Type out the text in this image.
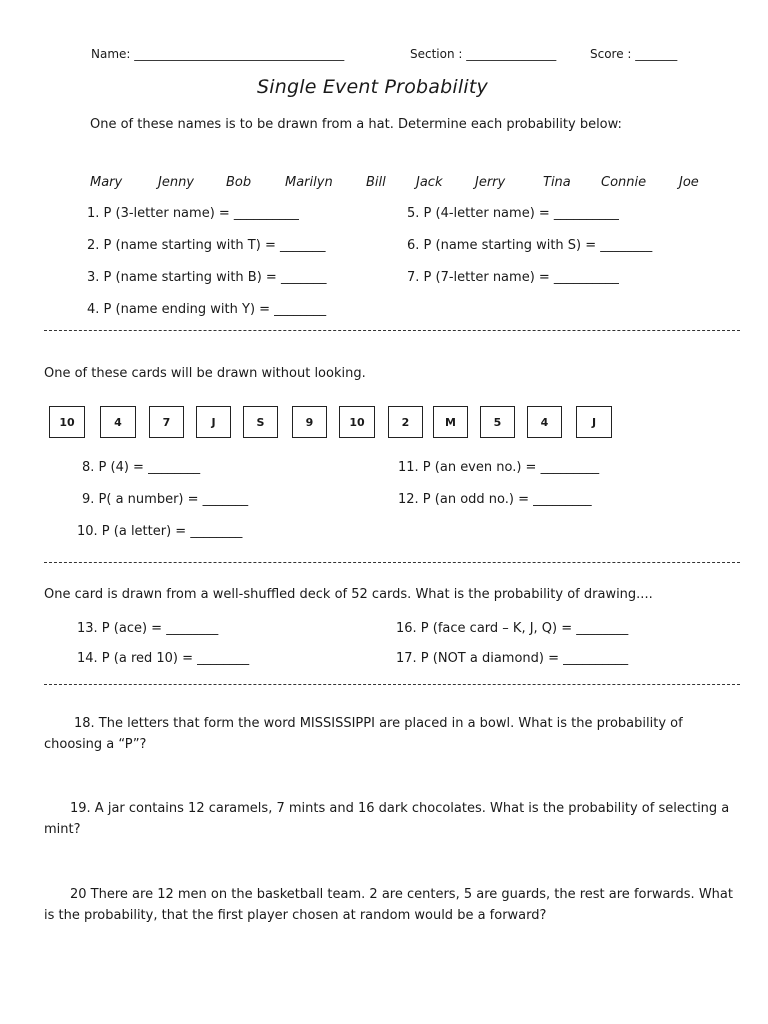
Name: ___________________________________	Section : _______________	Score : _______
Single Event Probability
One of these names is to be drawn from a hat. Determine each probability below:
Mary	Jenny Bob	Marilyn	Bill Jack	Jerry	Tina Connie	Joe
1. P (3-letter name) = __________
2. P (name starting with T) = _______
3. P (name starting with B) = _______
4. P (name ending with Y) = ________
5. P (4-letter name) = __________
6. P (name starting with S) = ________
7. P (7-letter name) = __________
One of these cards will be drawn without looking.
10	4	7	J	S	9	10	2	M	5	4	J
8. P (4) = ________
9. P( a number) = _______
10. P (a letter) = ________
11. P (an even no.) = _________
12. P (an odd no.) = _________
One card is drawn from a well-shuffled deck of 52 cards. What is the probability of drawing....
13. P (ace) = ________
14. P (a red 10) = ________
16. P (face card – K, J, Q) = ________
17. P (NOT a diamond) = __________
18. The letters that form the word MISSISSIPPI are placed in a bowl. What is the probability of choosing a “P”?
19. A jar contains 12 caramels, 7 mints and 16 dark chocolates. What is the probability of selecting a mint?
20 There are 12 men on the basketball team. 2 are centers, 5 are guards, the rest are forwards. What is the probability, that the first player chosen at random would be a forward?
